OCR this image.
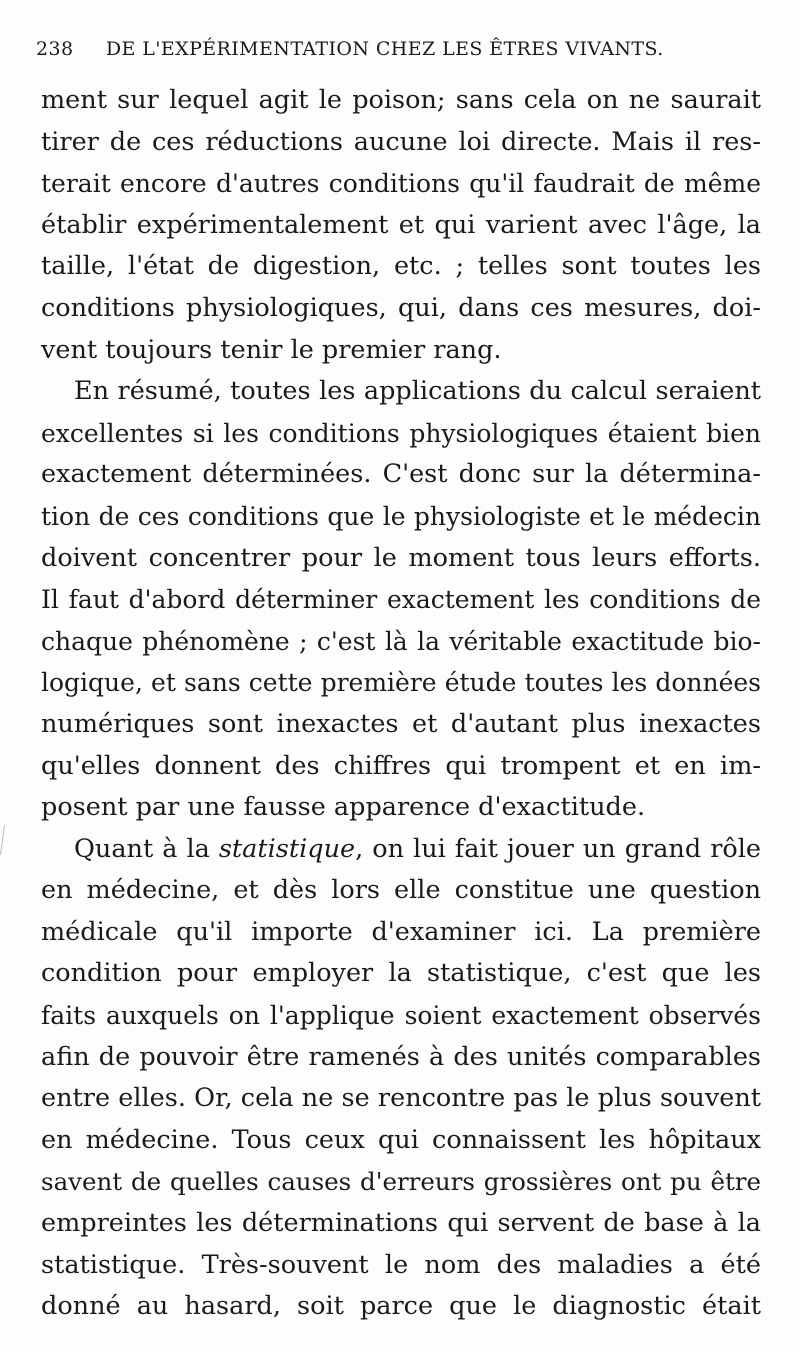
238 DE L'EXPÉRIMENTATION CHEZ LES ÊTRES VIVANTS.

ment sur lequel agit le poison; sans cela on ne saurait
tirer de ces réductions aucune loi directe. Mais il res-
terait encore d'autres conditions qu'il faudrait de même
établir expérimentalement et qui varient avec l'âge, la
taille, l'état de digestion, etc. ; telles sont toutes les
conditions physiologiques, qui, dans ces mesures, doi-
vent toujours tenir le premier rang.

En résumé, toutes les applications du calcul seraient
excellentes si les conditions physiologiques étaient bien
exactement déterminées. C'est donc sur la détermina-
tion de ces conditions que le physiologiste et le médecin
doivent concentrer pour le moment tous leurs efforts.
Il faut d'abord déterminer exactement les conditions de
chaque phénomène ; c'est là la véritable exactitude bio-
logique, et sans cette première étude toutes les données
numériques sont inexactes et d'autant plus inexactes
qu'elles donnent des chiffres qui trompent et en im-
posent par une fausse apparence d'exactitude.

Quant à la statistique, on lui fait jouer un grand rôle
en médecine, et dès lors elle constitue une question
médicale qu'il importe d'examiner ici. La première
condition pour employer la statistique, c'est que les
faits auxquels on l'applique soient exactement observés
afin de pouvoir être ramenés à des unités comparables
entre elles. Or, cela ne se rencontre pas le plus souvent
en médecine. Tous ceux qui connaissent les hôpitaux
savent de quelles causes d'erreurs grossières ont pu être
empreintes les déterminations qui servent de base à la
statistique. Très-souvent le nom des maladies a été
donné au hasard, soit parce que le diagnostic était
